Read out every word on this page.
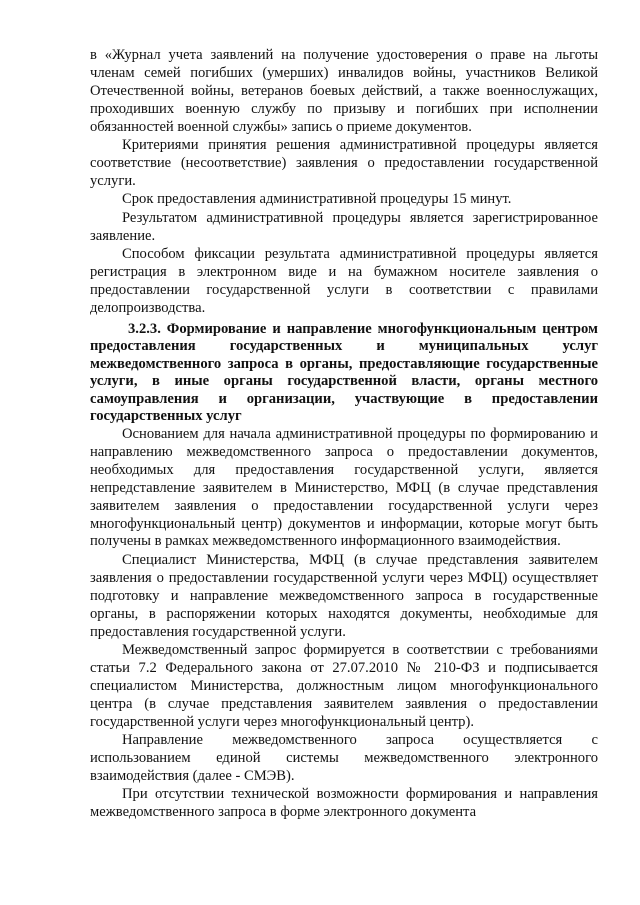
в «Журнал учета заявлений на получение удостоверения о праве на льготы членам семей погибших (умерших) инвалидов войны, участников Великой Отечественной войны, ветеранов боевых действий, а также военнослужащих, проходивших военную службу по призыву и погибших при исполнении обязанностей военной службы» запись о приеме документов.

Критериями принятия решения административной процедуры является соответствие (несоответствие) заявления о предоставлении государственной услуги.

Срок предоставления административной процедуры 15 минут.

Результатом административной процедуры является зарегистрированное заявление.

Способом фиксации результата административной процедуры является регистрация в электронном виде и на бумажном носителе заявления о предоставлении государственной услуги в соответствии с правилами делопроизводства.

3.2.3. Формирование и направление многофункциональным центром предоставления государственных и муниципальных услуг межведомственного запроса в органы, предоставляющие государственные услуги, в иные органы государственной власти, органы местного самоуправления и организации, участвующие в предоставлении государственных услуг

Основанием для начала административной процедуры по формированию и направлению межведомственного запроса о предоставлении документов, необходимых для предоставления государственной услуги, является непредставление заявителем в Министерство, МФЦ (в случае представления заявителем заявления о предоставлении государственной услуги через многофункциональный центр) документов и информации, которые могут быть получены в рамках межведомственного информационного взаимодействия.

Специалист Министерства, МФЦ (в случае представления заявителем заявления о предоставлении государственной услуги через МФЦ) осуществляет подготовку и направление межведомственного запроса в государственные органы, в распоряжении которых находятся документы, необходимые для предоставления государственной услуги.

Межведомственный запрос формируется в соответствии с требованиями статьи 7.2 Федерального закона от 27.07.2010 № 210-ФЗ и подписывается специалистом Министерства, должностным лицом многофункционального центра (в случае представления заявителем заявления о предоставлении государственной услуги через многофункциональный центр).

Направление межведомственного запроса осуществляется с использованием единой системы межведомственного электронного взаимодействия (далее - СМЭВ).

При отсутствии технической возможности формирования и направления межведомственного запроса в форме электронного документа
